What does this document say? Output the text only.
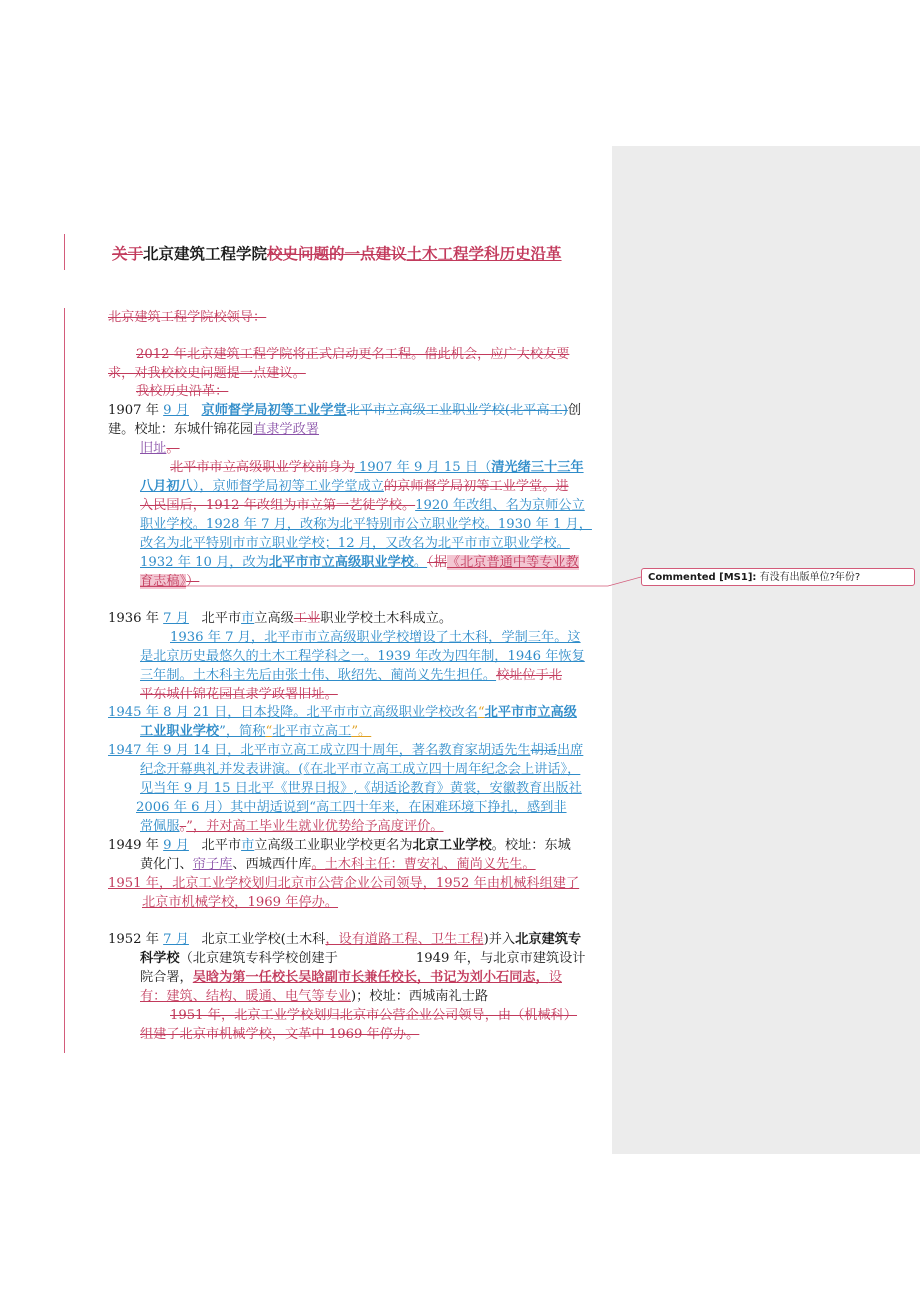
关于北京建筑工程学院校史问题的一点建议土木工程学科历史沿革
北京建筑工程学院校领导：
2012 年北京建筑工程学院将正式启动更名工程。借此机会，应广大校友要
求，对我校校史问题提一点建议。
我校历史沿革：
1907 年 9 月 京师督学局初等工业学堂北平市立高级工业职业学校(北平高工)创
建。校址：东城什锦花园直隶学政署
旧址。
北平市市立高级职业学校前身为 1907 年 9 月 15 日（清光绪三十三年
八月初八），京师督学局初等工业学堂成立的京师督学局初等工业学堂。进
入民国后，1912 年改组为市立第一艺徒学校。1920 年改组、名为京师公立
职业学校。1928 年 7 月，改称为北平特别市公立职业学校。1930 年 1 月，
改名为北平特别市市立职业学校；12 月，又改名为北平市市立职业学校。
1932 年 10 月，改为北平市市立高级职业学校。（据《北京普通中等专业教
育志稿》）
1936 年 7 月 北平市市立高级工业职业学校土木科成立。
1936 年 7 月，北平市市立高级职业学校增设了土木科，学制三年。这
是北京历史最悠久的土木工程学科之一。1939 年改为四年制，1946 年恢复
三年制。土木科主先后由张士伟、耿绍先、蔺尚义先生担任。校址位于北
平东城什锦花园直隶学政署旧址。
1945 年 8 月 21 日，日本投降。北平市市立高级职业学校改名“北平市市立高级
工业职业学校”，简称“北平市立高工”。
1947 年 9 月 14 日，北平市立高工成立四十周年，著名教育家胡适先生胡适出席
纪念开幕典礼并发表讲演。(《在北平市立高工成立四十周年纪念会上讲话》，
见当年 9 月 15 日北平《世界日报》,《胡适论教育》黄裳，安徽教育出版社
2006 年 6 月）其中胡适说到“高工四十年来，在困难环境下挣扎，感到非
常佩服。”，并对高工毕业生就业优势给予高度评价。
1949 年 9 月 北平市市立高级工业职业学校更名为北京工业学校。校址：东城
黄化门、帘子库、西城西什库。土木科主任：曹安礼、蔺尚义先生。
1951 年，北京工业学校划归北京市公营企业公司领导，1952 年由机械科组建了
北京市机械学校，1969 年停办。
1952 年 7 月 北京工业学校(土木科，设有道路工程、卫生工程)并入北京建筑专
科学校（北京建筑专科学校创建于	1949 年，与北京市建筑设计
院合署，吴晗为第一任校长吴晗副市长兼任校长，书记为刘小石同志，设
有：建筑、结构、暖通、电气等专业)；校址：西城南礼士路
1951 年，北京工业学校划归北京市公营企业公司领导，由（机械科）
组建了北京市机械学校，文革中 1969 年停办。
Commented [MS1]: 有没有出版单位?年份?
